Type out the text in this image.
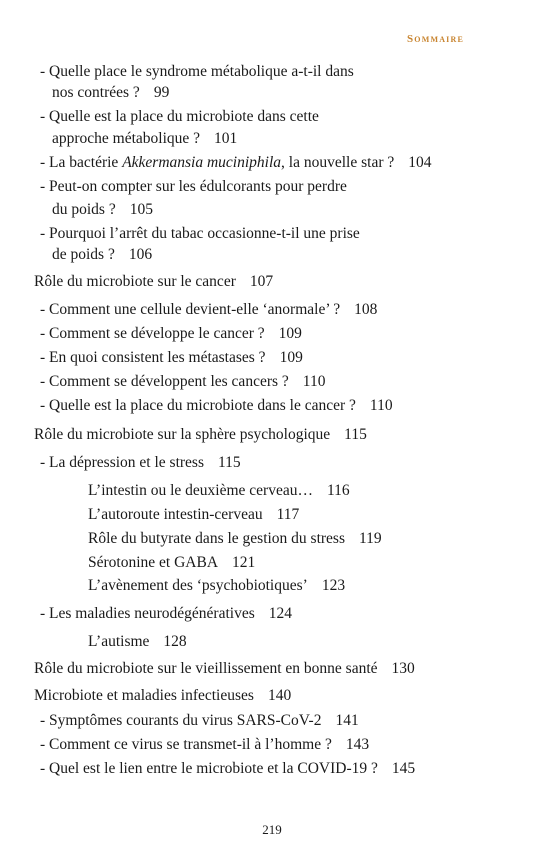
Sommaire
- Quelle place le syndrome métabolique a-t-il dans
nos contrées ? 99
- Quelle est la place du microbiote dans cette
approche métabolique ? 101
- La bactérie Akkermansia muciniphila, la nouvelle star ? 104
- Peut-on compter sur les édulcorants pour perdre
du poids ? 105
- Pourquoi l’arrêt du tabac occasionne-t-il une prise
de poids ? 106
Rôle du microbiote sur le cancer 107
- Comment une cellule devient-elle ‘anormale’ ? 108
- Comment se développe le cancer ? 109
- En quoi consistent les métastases ? 109
- Comment se développent les cancers ? 110
- Quelle est la place du microbiote dans le cancer ? 110
Rôle du microbiote sur la sphère psychologique 115
- La dépression et le stress 115
L’intestin ou le deuxième cerveau… 116
L’autoroute intestin-cerveau 117
Rôle du butyrate dans le gestion du stress 119
Sérotonine et GABA 121
L’avènement des ‘psychobiotiques’ 123
- Les maladies neurodégénératives 124
L’autisme 128
Rôle du microbiote sur le vieillissement en bonne santé 130
Microbiote et maladies infectieuses 140
- Symptômes courants du virus SARS-CoV-2 141
- Comment ce virus se transmet-il à l’homme ? 143
- Quel est le lien entre le microbiote et la COVID-19 ? 145
219
